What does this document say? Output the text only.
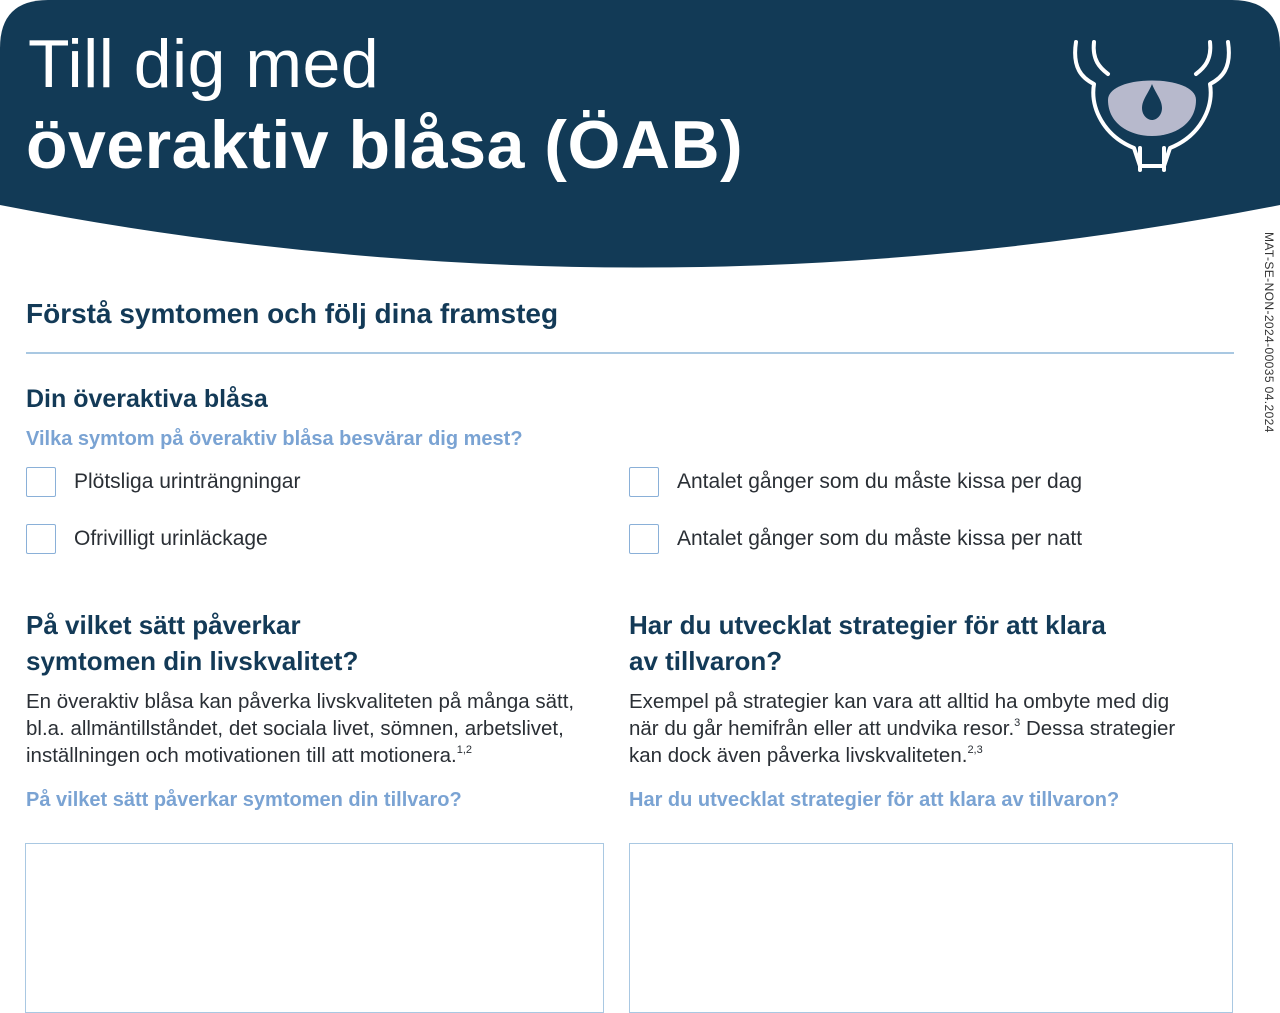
Till dig med
överaktiv blåsa (ÖAB)
MAT-SE-NON-2024-00035 04.2024
Förstå symtomen och följ dina framsteg
Din överaktiva blåsa
Vilka symtom på överaktiv blåsa besvärar dig mest?
Plötsliga urinträngningar	Antalet gånger som du måste kissa per dag
Ofrivilligt urinläckage	Antalet gånger som du måste kissa per natt
På vilket sätt påverkar
symtomen din livskvalitet?
En överaktiv blåsa kan påverka livskvaliteten på många sätt,
bl.a. allmäntillståndet, det sociala livet, sömnen, arbetslivet,
inställningen och motivationen till att motionera.$^{1,2}$
På vilket sätt påverkar symtomen din tillvaro?
Har du utvecklat strategier för att klara
av tillvaron?
Exempel på strategier kan vara att alltid ha ombyte med dig
när du går hemifrån eller att undvika resor.$^3$ Dessa strategier
kan dock även påverka livskvaliteten.$^{2,3}$
Har du utvecklat strategier för att klara av tillvaron?
